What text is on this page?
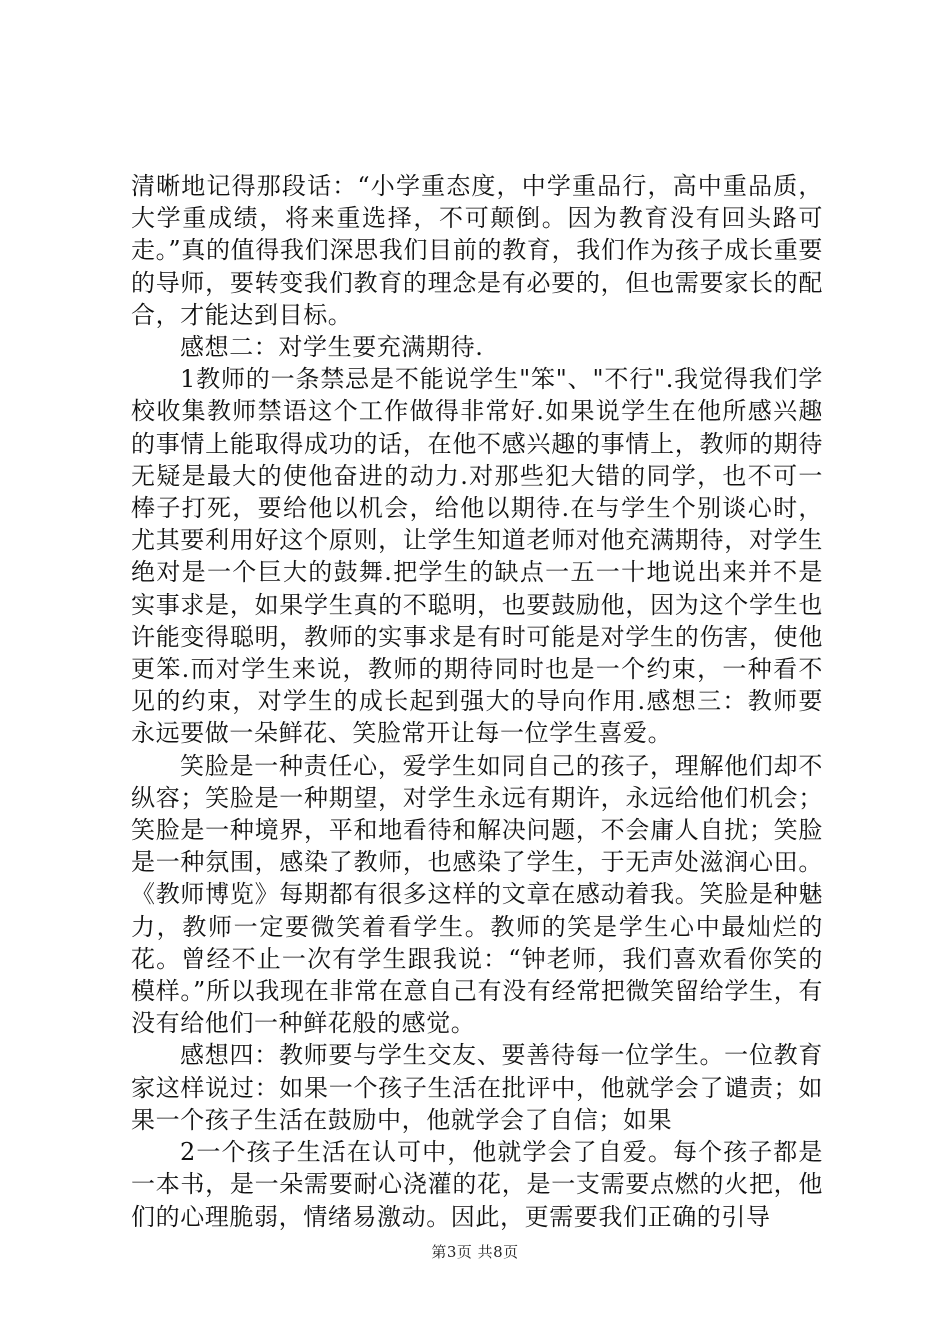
清晰地记得那段话：“小学重态度，中学重品行，高中重品质，大学重成绩，将来重选择，不可颠倒。因为教育没有回头路可走。”真的值得我们深思我们目前的教育，我们作为孩子成长重要的导师，要转变我们教育的理念是有必要的，但也需要家长的配合，才能达到目标。

感想二：对学生要充满期待.

1教师的一条禁忌是不能说学生"笨"、"不行".我觉得我们学校收集教师禁语这个工作做得非常好.如果说学生在他所感兴趣的事情上能取得成功的话，在他不感兴趣的事情上，教师的期待无疑是最大的使他奋进的动力.对那些犯大错的同学，也不可一棒子打死，要给他以机会，给他以期待.在与学生个别谈心时，尤其要利用好这个原则，让学生知道老师对他充满期待，对学生绝对是一个巨大的鼓舞.把学生的缺点一五一十地说出来并不是实事求是，如果学生真的不聪明，也要鼓励他，因为这个学生也许能变得聪明，教师的实事求是有时可能是对学生的伤害，使他更笨.而对学生来说，教师的期待同时也是一个约束，一种看不见的约束，对学生的成长起到强大的导向作用.感想三：教师要永远要做一朵鲜花、笑脸常开让每一位学生喜爱。

笑脸是一种责任心，爱学生如同自己的孩子，理解他们却不纵容；笑脸是一种期望，对学生永远有期许，永远给他们机会；笑脸是一种境界，平和地看待和解决问题，不会庸人自扰；笑脸是一种氛围，感染了教师，也感染了学生，于无声处滋润心田。《教师博览》每期都有很多这样的文章在感动着我。笑脸是种魅力，教师一定要微笑着看学生。教师的笑是学生心中最灿烂的花。曾经不止一次有学生跟我说：“钟老师，我们喜欢看你笑的模样。”所以我现在非常在意自己有没有经常把微笑留给学生，有没有给他们一种鲜花般的感觉。

感想四：教师要与学生交友、要善待每一位学生。一位教育家这样说过：如果一个孩子生活在批评中，他就学会了谴责；如果一个孩子生活在鼓励中，他就学会了自信；如果

2一个孩子生活在认可中，他就学会了自爱。每个孩子都是一本书，是一朵需要耐心浇灌的花，是一支需要点燃的火把，他们的心理脆弱，情绪易激动。因此，更需要我们正确的引导

第3页 共8页
